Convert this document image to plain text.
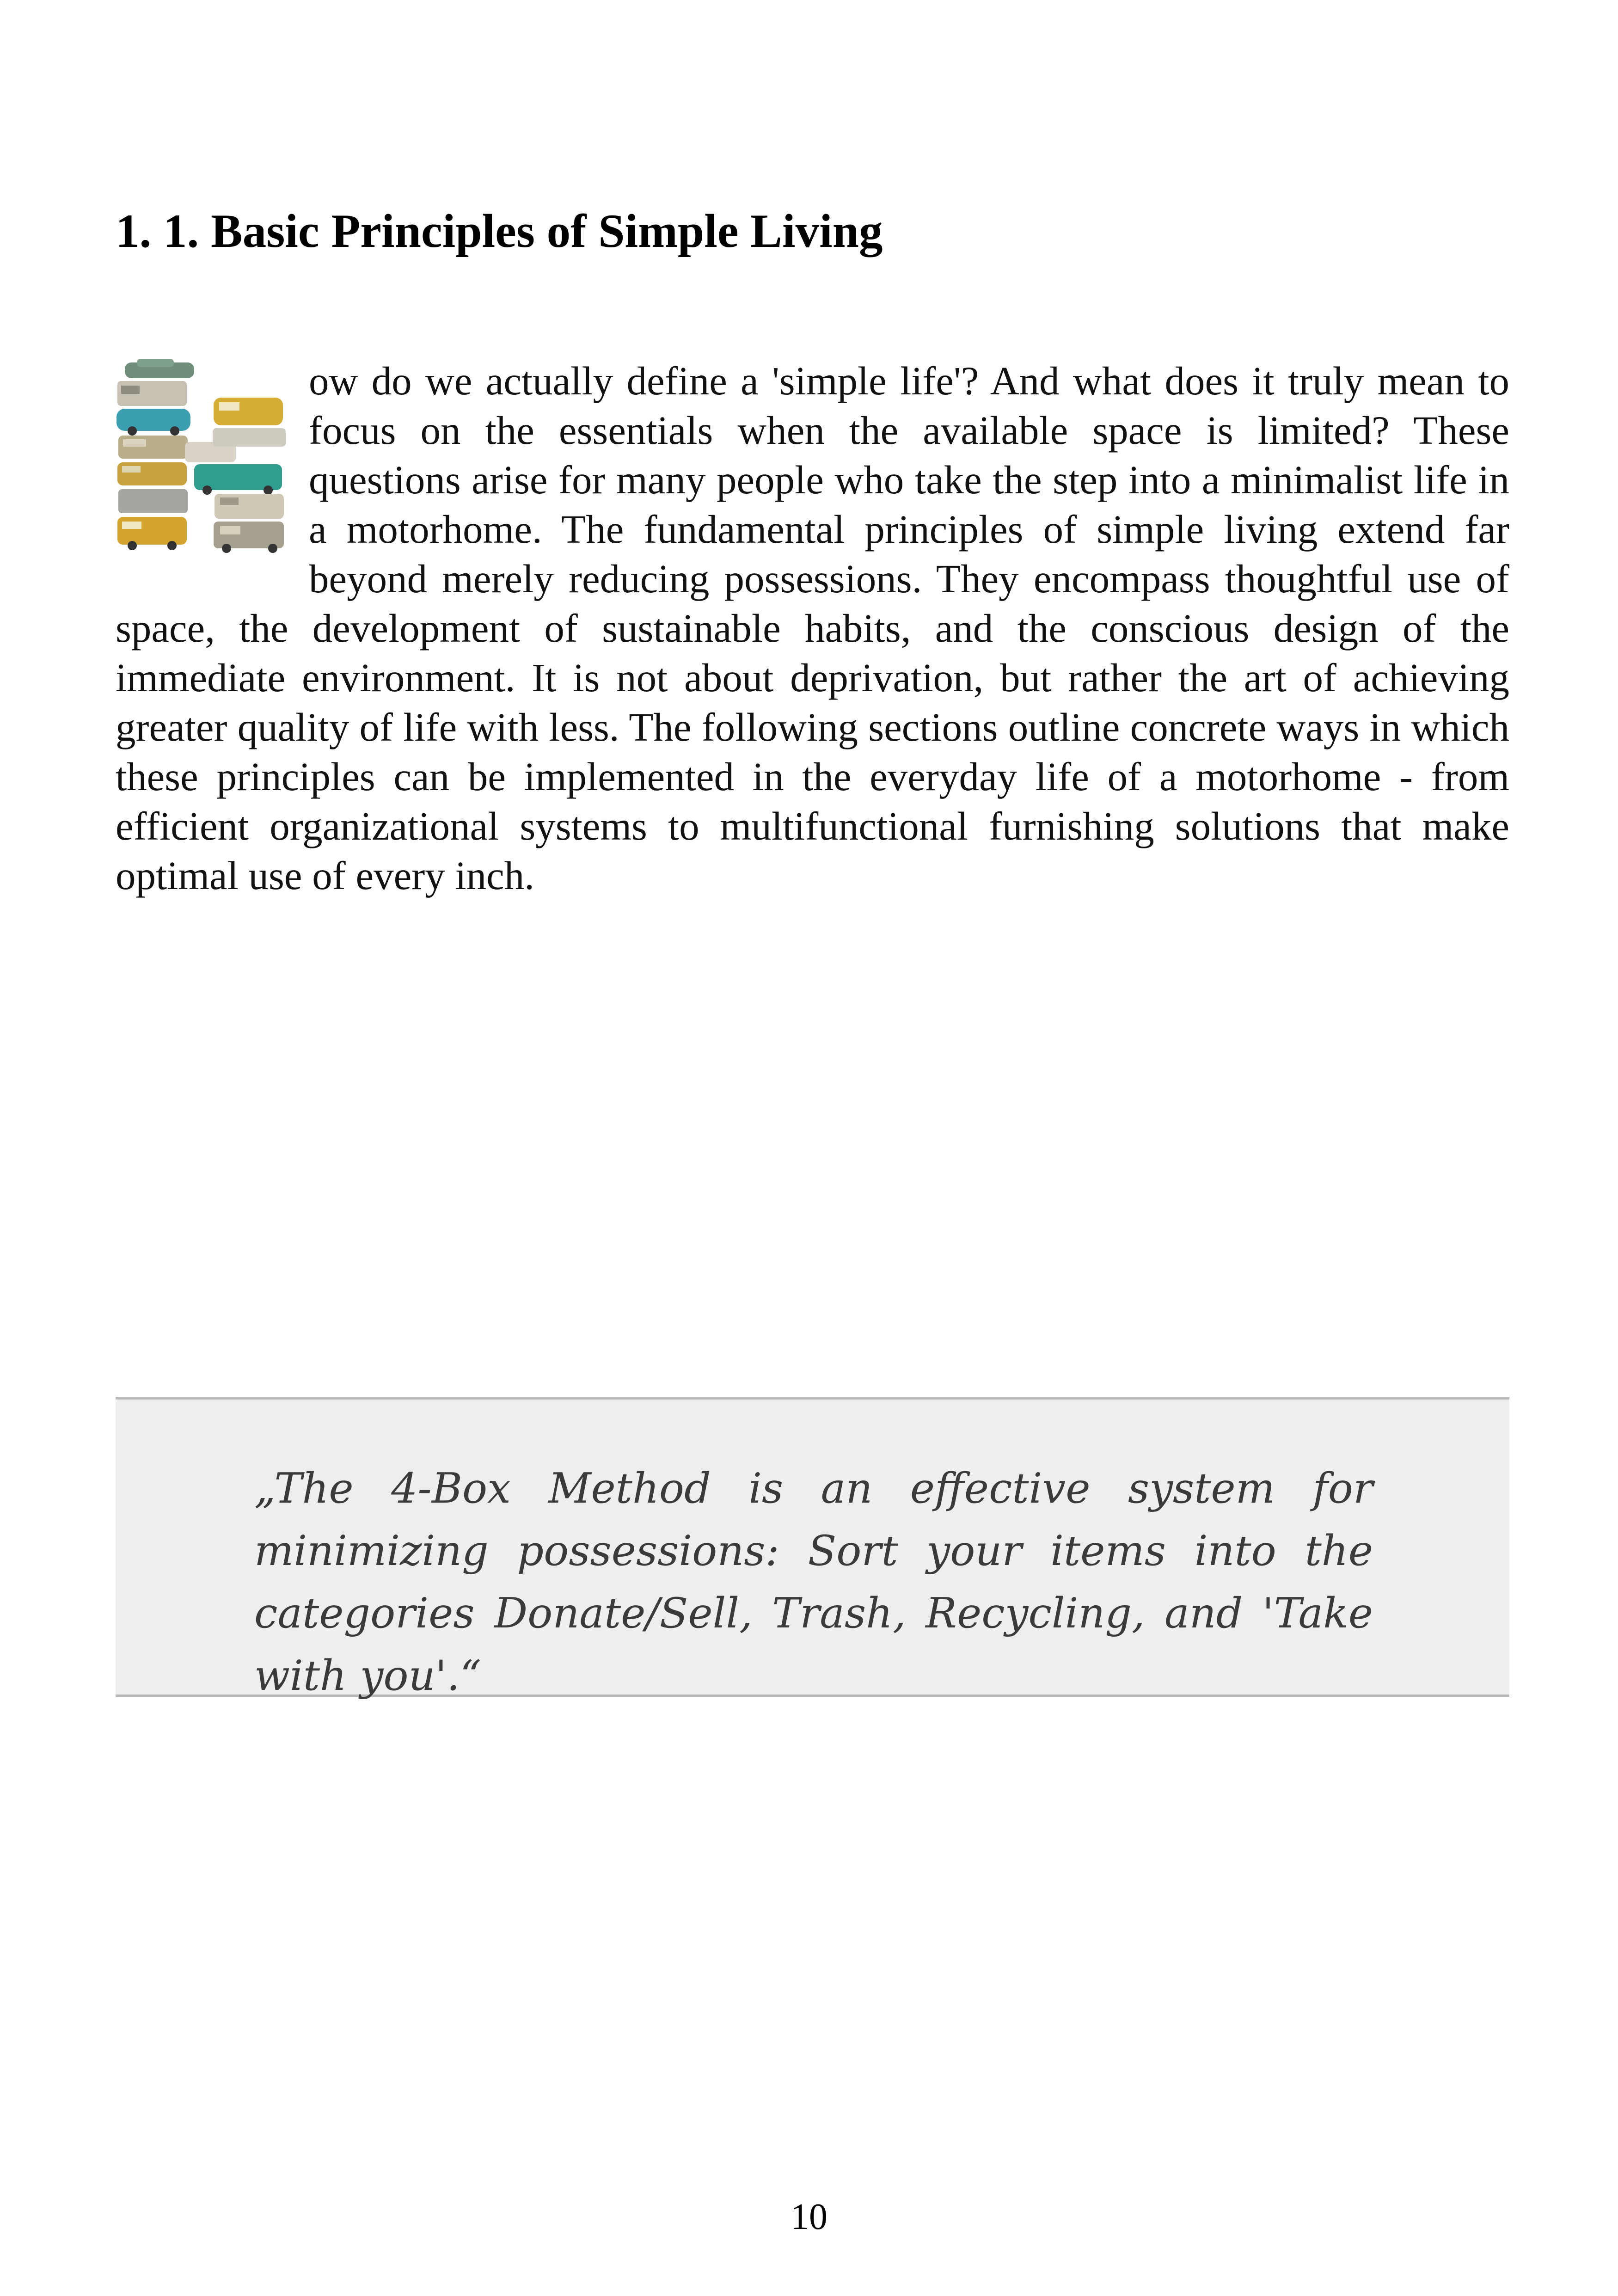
1. 1. Basic Principles of Simple Living

ow do we actually define a 'simple life'? And what does it truly mean to focus on the essentials when the available space is limited? These questions arise for many people who take the step into a minimalist life in a motorhome. The fundamental principles of simple living extend far beyond merely reducing possessions. They encompass thoughtful use of space, the development of sustainable habits, and the conscious design of the immediate environment. It is not about deprivation, but rather the art of achieving greater quality of life with less. The following sections outline concrete ways in which these principles can be implemented in the everyday life of a motorhome - from efficient organizational systems to multifunctional furnishing solutions that make optimal use of every inch.

„The 4-Box Method is an effective system for minimizing possessions: Sort your items into the categories Donate/Sell, Trash, Recycling, and 'Take with you'.“

10
